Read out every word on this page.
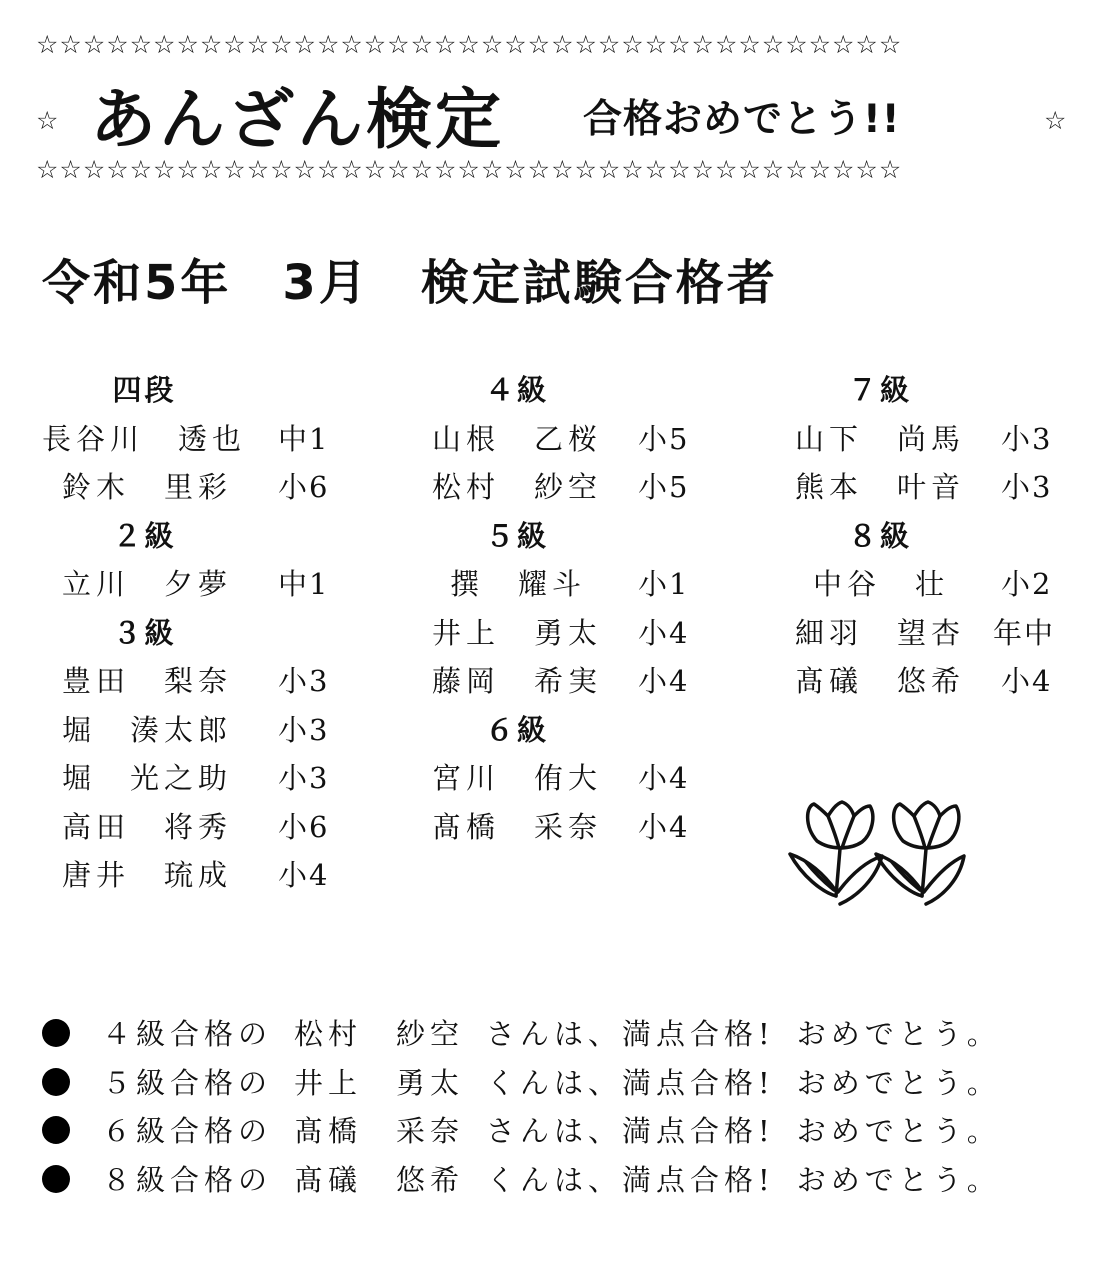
☆☆☆☆☆☆☆☆☆☆☆☆☆☆☆☆☆☆☆☆☆☆☆☆☆☆☆☆☆☆☆☆☆☆☆☆☆
☆ あんざん検定 合格おめでとう!!	☆
☆☆☆☆☆☆☆☆☆☆☆☆☆☆☆☆☆☆☆☆☆☆☆☆☆☆☆☆☆☆☆☆☆☆☆☆☆
令和5年　3月　検定試験合格者
四段
長谷川　透也 中1
鈴木　里彩 小6
２級
立川　夕夢 中1
３級
豊田　梨奈 小3
堀　湊太郎 小3
堀　光之助 小3
高田　将秀 小6
唐井　琉成 小4
４級
山根　乙桜 小5
松村　紗空 小5
５級
撰　耀斗 小1
井上　勇太 小4
藤岡　希実 小4
６級
宮川　侑大 小4
髙橋　采奈 小4
７級
山下　尚馬 小3
熊本　叶音 小3
８級
中谷　壮 小2
細羽　望杏 年中
髙礒　悠希 小4
４級合格の 松村　紗空 さんは、満点合格! おめでとう。
５級合格の 井上　勇太 くんは、満点合格! おめでとう。
６級合格の 髙橋　采奈 さんは、満点合格! おめでとう。
８級合格の 髙礒　悠希 くんは、満点合格! おめでとう。
